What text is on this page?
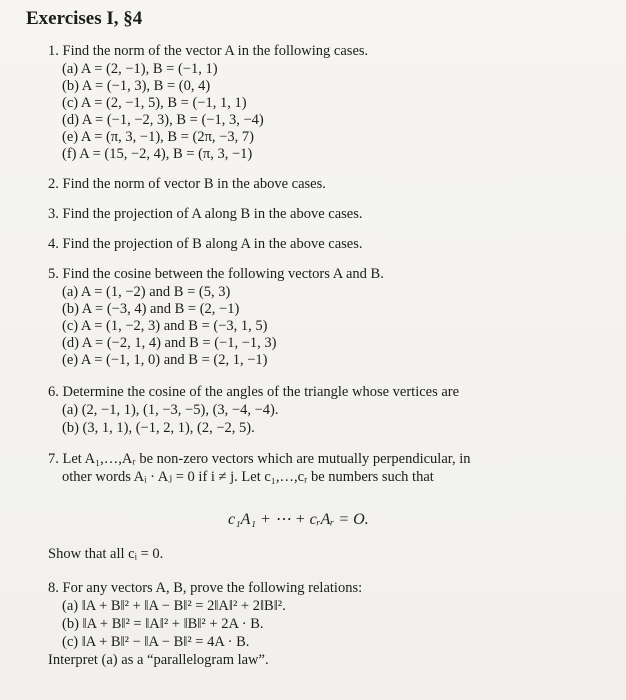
Exercises I, §4
1. Find the norm of the vector A in the following cases.
(a) A = (2, −1), B = (−1, 1)
(b) A = (−1, 3), B = (0, 4)
(c) A = (2, −1, 5), B = (−1, 1, 1)
(d) A = (−1, −2, 3), B = (−1, 3, −4)
(e) A = (π, 3, −1), B = (2π, −3, 7)
(f) A = (15, −2, 4), B = (π, 3, −1)
2. Find the norm of vector B in the above cases.
3. Find the projection of A along B in the above cases.
4. Find the projection of B along A in the above cases.
5. Find the cosine between the following vectors A and B.
(a) A = (1, −2) and B = (5, 3)
(b) A = (−3, 4) and B = (2, −1)
(c) A = (1, −2, 3) and B = (−3, 1, 5)
(d) A = (−2, 1, 4) and B = (−1, −1, 3)
(e) A = (−1, 1, 0) and B = (2, 1, −1)
6. Determine the cosine of the angles of the triangle whose vertices are
(a) (2, −1, 1), (1, −3, −5), (3, −4, −4).
(b) (3, 1, 1), (−1, 2, 1), (2, −2, 5).
7. Let A₁,…,Aᵣ be non-zero vectors which are mutually perpendicular, in
other words Aᵢ · Aⱼ = 0 if i ≠ j. Let c₁,…,cᵣ be numbers such that
c₁A₁ + ⋯ + cᵣAᵣ = O.
Show that all cᵢ = 0.
8. For any vectors A, B, prove the following relations:
(a) ‖A + B‖² + ‖A − B‖² = 2‖A‖² + 2‖B‖².
(b) ‖A + B‖² = ‖A‖² + ‖B‖² + 2A · B.
(c) ‖A + B‖² − ‖A − B‖² = 4A · B.
Interpret (a) as a “parallelogram law”.
